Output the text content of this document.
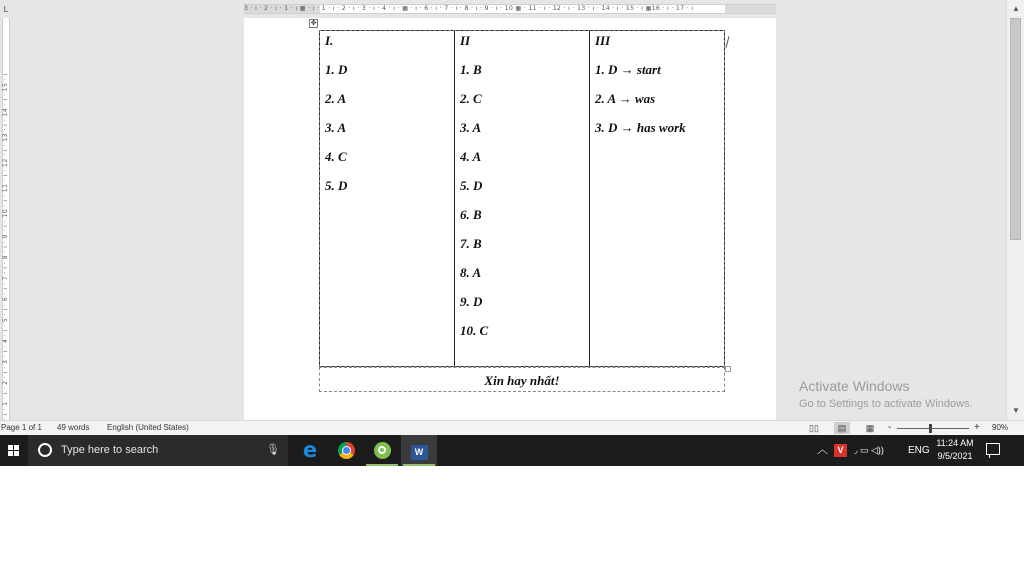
L	3 · ı · 2 · ı · 1 · ı ▦ · ı · 1 · ı · 2 · ı · 3 · ı · 4 · ı · ▦ · ı · 6 · ı · 7 · ı · 8 · ı · 9 · ı · 10 ▦ · 11 · ı · 12 · ı · 13 · ı · 14 · ı · 15 · ı ▦16 · ı · 17 · ı
· ı · 1 · ı · 2 · ı · 3 · ı · 4 · ı · 5 · ı · 6 · ı · 7 · ı · 8 · ı · 9 · ı · 10 · ı · 11 · ı · 12 · ı · 13 · ı · 14 · ı · 15 · ı
✥
I.
1. D
2. A
3. A
4. C
5. D

II
1. B
2. C
3. A
4. A
5. D
6. B
7. B
8. A
9. D
10. C

III
1. D → start
2. A → was
3. D → has work
Xin hay nhất!	Activate Windows
Go to Settings to activate Windows.
▲
▼
Page 1 of 1 49 words English (United States)	▯▯	▤	▦	-	+ 90%
Type here to search	🎙	e	W	︿	V	◞ ▭ ◁)) ENG
11:24 AM
9/5/2021
